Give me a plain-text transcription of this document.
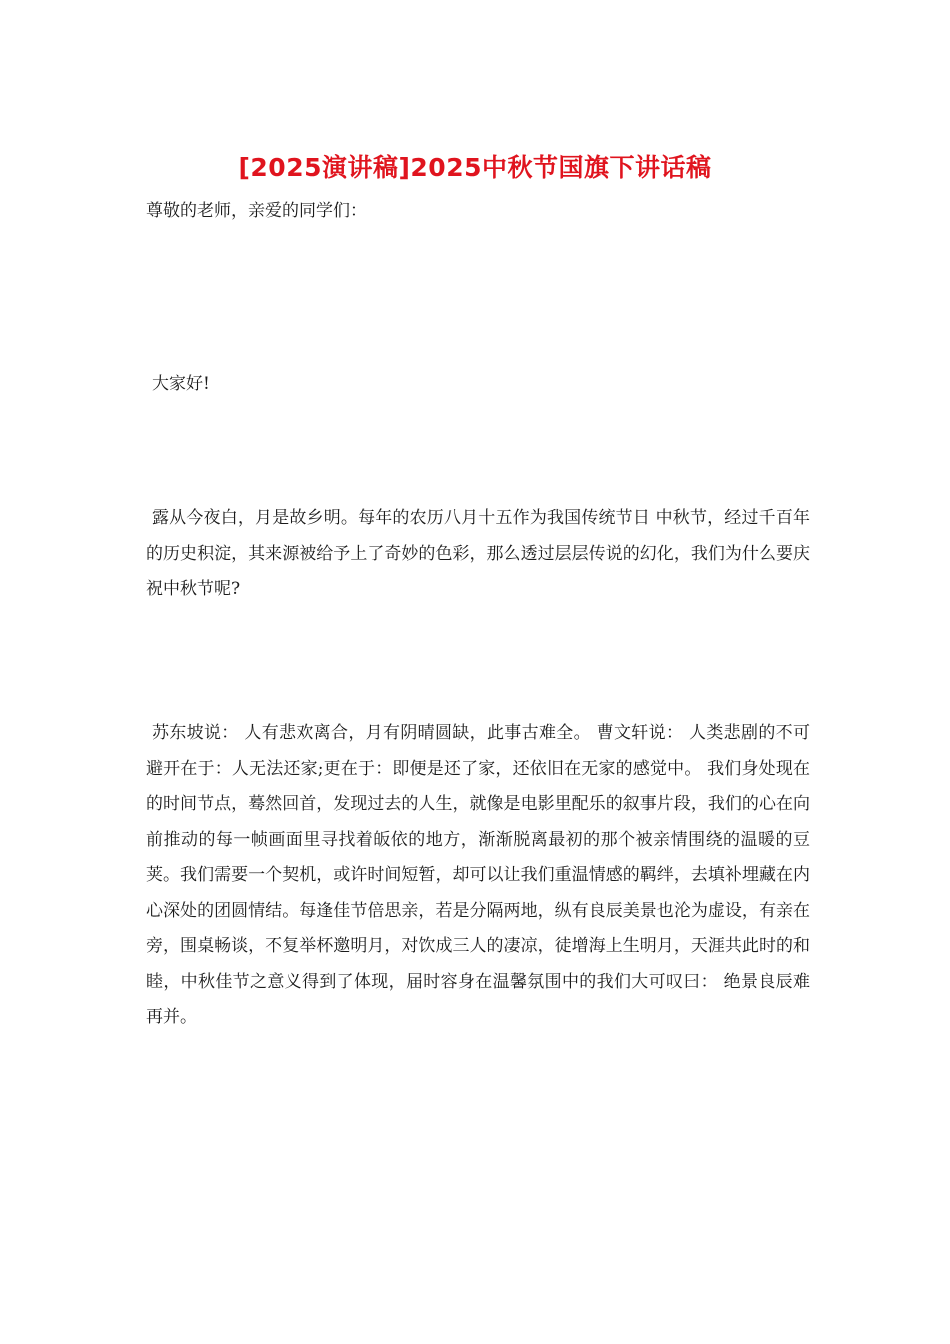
[2025演讲稿]2025中秋节国旗下讲话稿

尊敬的老师，亲爱的同学们：

大家好!

露从今夜白，月是故乡明。每年的农历八月十五作为我国传统节日 中秋节，经过千百年的历史积淀，其来源被给予上了奇妙的色彩，那么透过层层传说的幻化，我们为什么要庆祝中秋节呢?

苏东坡说： 人有悲欢离合，月有阴晴圆缺，此事古难全。 曹文轩说： 人类悲剧的不可避开在于：人无法还家;更在于：即便是还了家，还依旧在无家的感觉中。 我们身处现在的时间节点，蓦然回首，发现过去的人生，就像是电影里配乐的叙事片段，我们的心在向前推动的每一帧画面里寻找着皈依的地方，渐渐脱离最初的那个被亲情围绕的温暖的豆荚。我们需要一个契机，或许时间短暂，却可以让我们重温情感的羁绊，去填补埋藏在内心深处的团圆情结。每逢佳节倍思亲，若是分隔两地，纵有良辰美景也沦为虚设，有亲在旁，围桌畅谈，不复举杯邀明月，对饮成三人的凄凉，徒增海上生明月，天涯共此时的和睦，中秋佳节之意义得到了体现，届时容身在温馨氛围中的我们大可叹曰： 绝景良辰难再并。
